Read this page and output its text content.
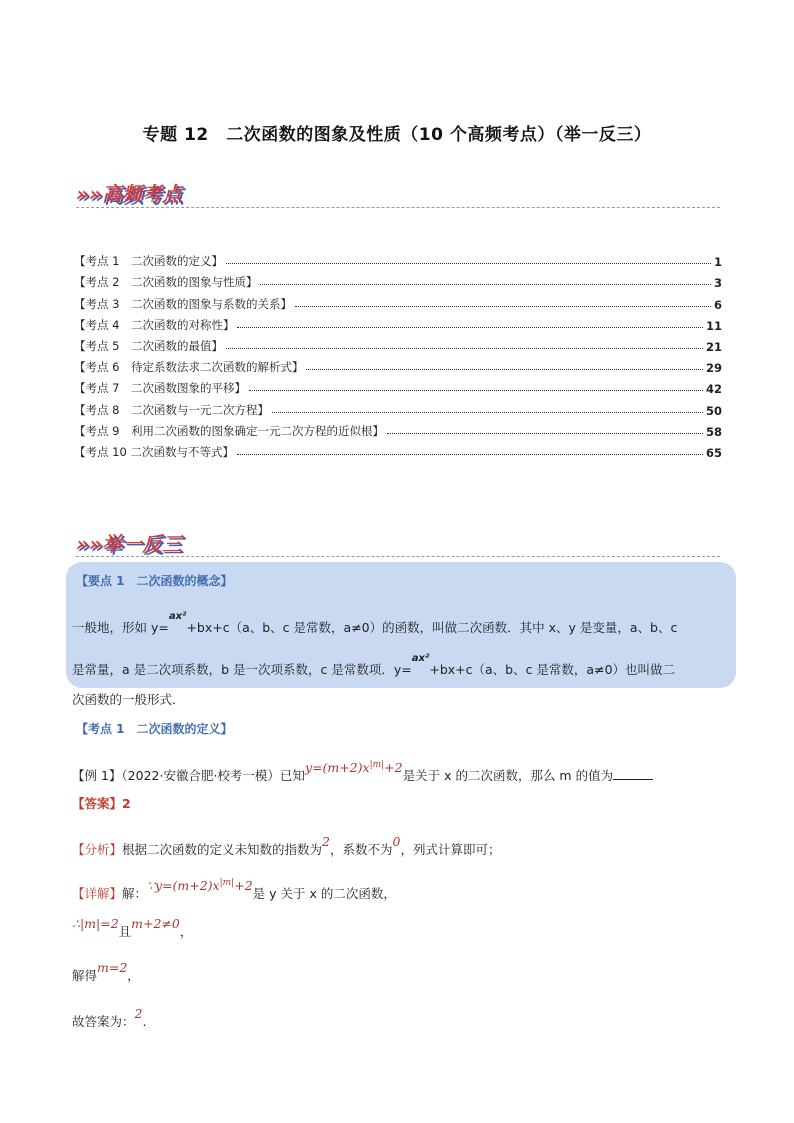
专题 12　二次函数的图象及性质（10 个高频考点）（举一反三）
»»高频考点
【考点 1　二次函数的定义】	1
【考点 2　二次函数的图象与性质】	3
【考点 3　二次函数的图象与系数的关系】	6
【考点 4　二次函数的对称性】	11
【考点 5　二次函数的最值】	21
【考点 6　待定系数法求二次函数的解析式】	29
【考点 7　二次函数图象的平移】	42
【考点 8　二次函数与一元二次方程】	50
【考点 9　利用二次函数的图象确定一元二次方程的近似根】	58
【考点 10 二次函数与不等式】	65
»»举一反三
【要点 1　二次函数的概念】
一般地，形如 y=$^{ax^2}$+bx+c（a、b、c 是常数，a≠0）的函数，叫做二次函数．其中 x、y 是变量，a、b、c
是常量，a 是二次项系数，b 是一次项系数，c 是常数项．y=$^{ax^2}$+bx+c（a、b、c 是常数，a≠0）也叫做二
次函数的一般形式．
【考点 1　二次函数的定义】
【例 1】（2022·安徽合肥·校考一模）已知$y=(m+2)x^{|m|}+2$是关于 x 的二次函数，那么 m 的值为
【答案】2
【分析】根据二次函数的定义未知数的指数为2，系数不为0，列式计算即可；
【详解】解：$\because y=(m+2)x^{|m|}+2$是 y 关于 x 的二次函数，
∴|m|=2且m+2≠0，
解得m=2，
故答案为：2.
